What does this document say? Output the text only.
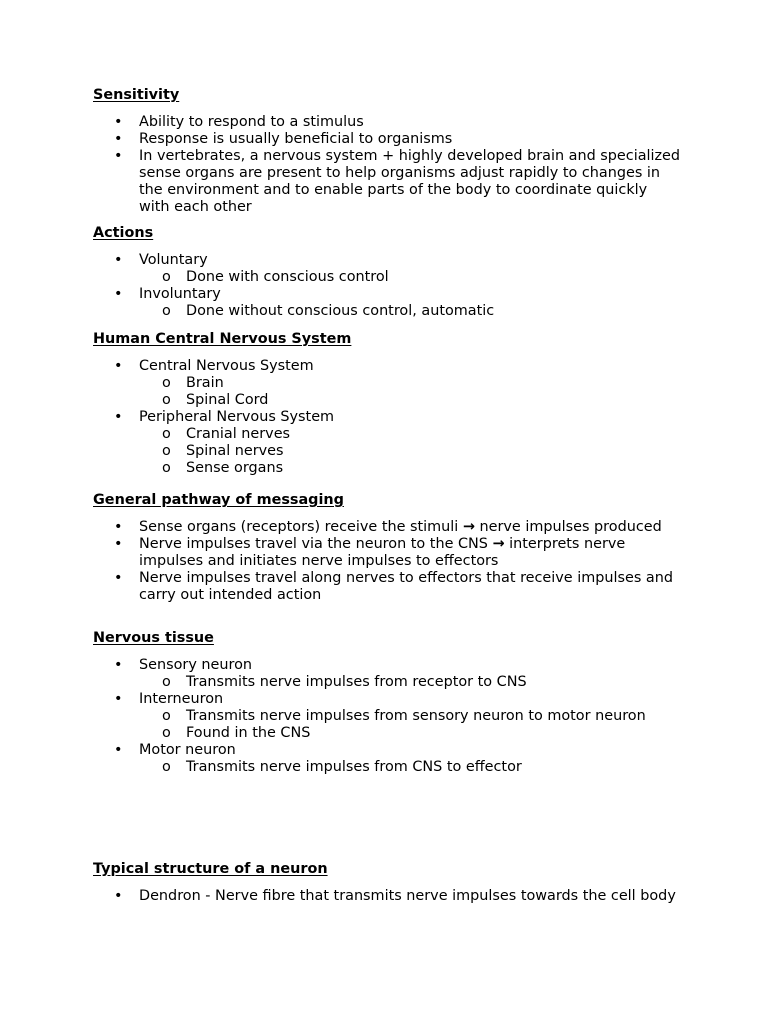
Sensitivity
• Ability to respond to a stimulus
• Response is usually beneficial to organisms
• In vertebrates, a nervous system + highly developed brain and specialized sense organs are present to help organisms adjust rapidly to changes in the environment and to enable parts of the body to coordinate quickly with each other
Actions
• Voluntary
o Done with conscious control
• Involuntary
o Done without conscious control, automatic
Human Central Nervous System
• Central Nervous System
o Brain
o Spinal Cord
• Peripheral Nervous System
o Cranial nerves
o Spinal nerves
o Sense organs
General pathway of messaging
• Sense organs (receptors) receive the stimuli → nerve impulses produced
• Nerve impulses travel via the neuron to the CNS → interprets nerve impulses and initiates nerve impulses to effectors
• Nerve impulses travel along nerves to effectors that receive impulses and carry out intended action
Nervous tissue
• Sensory neuron
o Transmits nerve impulses from receptor to CNS
• Interneuron
o Transmits nerve impulses from sensory neuron to motor neuron
o Found in the CNS
• Motor neuron
o Transmits nerve impulses from CNS to effector
Typical structure of a neuron
• Dendron - Nerve fibre that transmits nerve impulses towards the cell body
